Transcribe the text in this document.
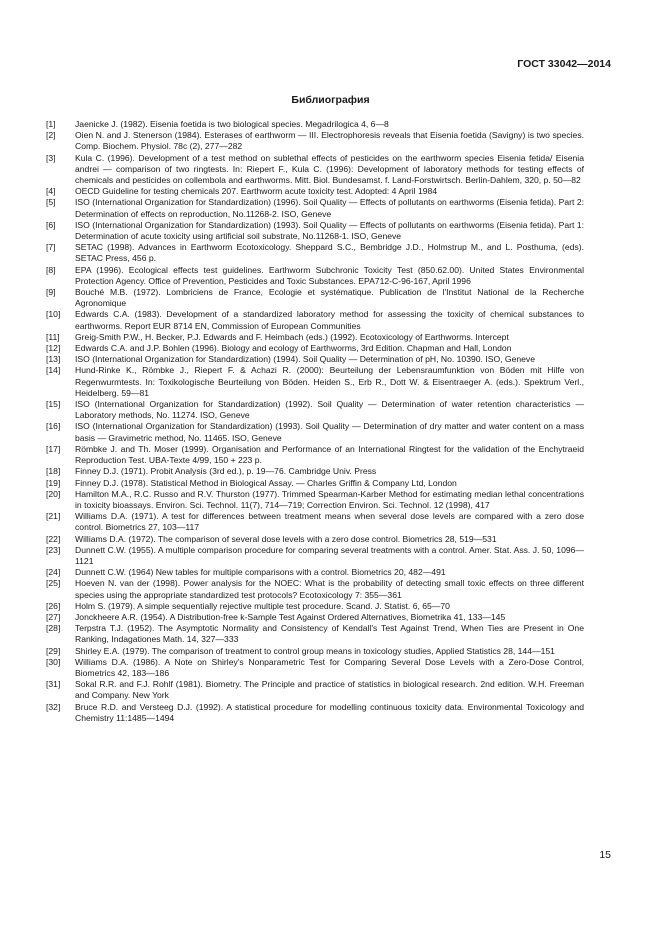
ГОСТ 33042—2014
Библиография
[1]	Jaenicke J. (1982). Eisenia foetida is two biological species. Megadrilogica 4, 6—8
[2]	Oien N. and J. Stenerson (1984). Esterases of earthworm — III. Electrophoresis reveals that Eisenia foetida (Savigny) is two species. Comp. Biochem. Physiol. 78c (2), 277—282
[3]	Kula C. (1996). Development of a test method on sublethal effects of pesticides on the earthworm species Eisenia fetida/ Eisenia andrei — comparison of two ringtests. In: Riepert F., Kula C. (1996): Development of laboratory methods for testing effects of chemicals and pesticides on collembola and earthworms. Mitt. Biol. Bundesamst. f. Land-Forstwirtsch. Berlin-Dahlem, 320, p. 50—82
[4]	OECD Guideline for testing chemicals 207. Earthworm acute toxicity test. Adopted: 4 April 1984
[5]	ISO (International Organization for Standardization) (1996). Soil Quality — Effects of pollutants on earthworms (Eisenia fetida). Part 2: Determination of effects on reproduction, No.11268-2. ISO, Geneve
[6]	ISO (International Organization for Standardization) (1993). Soil Quality — Effects of pollutants on earthworms (Eisenia fetida). Part 1: Determination of acute toxicity using artificial soil substrate, No.11268-1. ISO, Geneve
[7]	SETAC (1998). Advances in Earthworm Ecotoxicology. Sheppard S.C., Bembridge J.D., Holmstrup M., and L. Posthuma, (eds). SETAC Press, 456 p.
[8]	EPA (1996). Ecological effects test guidelines. Earthworm Subchronic Toxicity Test (850.62.00). United States Environmental Protection Agency. Office of Prevention, Pesticides and Toxic Substances. EPA712-C-96-167, April 1996
[9]	Bouché M.B. (1972). Lombriciens de France, Ecologie et systématique. Publication de l'Institut National de la Recherche Agronomique
[10]	Edwards C.A. (1983). Development of a standardized laboratory method for assessing the toxicity of chemical substances to earthworms. Report EUR 8714 EN, Commission of European Communities
[11]	Greig-Smith P.W., H. Becker, P.J. Edwards and F. Heimbach (eds.) (1992). Ecotoxicology of Earthworms. Intercept
[12]	Edwards C.A. and J.P. Bohlen (1996). Biology and ecology of Earthworms, 3rd Edition. Chapman and Hall, London
[13]	ISO (International Organization for Standardization) (1994). Soil Quality — Determination of pH, No. 10390. ISO, Geneve
[14]	Hund-Rinke K., Römbke J., Riepert F. & Achazi R. (2000): Beurteilung der Lebensraumfunktion von Böden mit Hilfe von Regenwurmtests. In: Toxikologische Beurteilung von Böden. Heiden S., Erb R., Dott W. & Eisentraeger A. (eds.). Spektrum Verl., Heidelberg. 59—81
[15]	ISO (International Organization for Standardization) (1992). Soil Quality — Determination of water retention characteristics — Laboratory methods, No. 11274. ISO, Geneve
[16]	ISO (International Organization for Standardization) (1993). Soil Quality — Determination of dry matter and water content on a mass basis — Gravimetric method, No. 11465. ISO, Geneve
[17]	Römbke J. and Th. Moser (1999). Organisation and Performance of an International Ringtest for the validation of the Enchytraeid Reproduction Test. UBA-Texte 4/99, 150 + 223 p.
[18]	Finney D.J. (1971). Probit Analysis (3rd ed.), p. 19—76. Cambridge Univ. Press
[19]	Finney D.J. (1978). Statistical Method in Biological Assay. — Charles Griffin & Company Ltd, London
[20]	Hamilton M.A., R.C. Russo and R.V. Thurston (1977). Trimmed Spearman-Karber Method for estimating median lethal concentrations in toxicity bioassays. Environ. Sci. Technol. 11(7), 714—719; Correction Environ. Sci. Technol. 12 (1998), 417
[21]	Williams D.A. (1971). A test for differences between treatment means when several dose levels are compared with a zero dose control. Biometrics 27, 103—117
[22]	Williams D.A. (1972). The comparison of several dose levels with a zero dose control. Biometrics 28, 519—531
[23]	Dunnett C.W. (1955). A multiple comparison procedure for comparing several treatments with a control. Amer. Stat. Ass. J. 50, 1096—1121
[24]	Dunnett C.W. (1964) New tables for multiple comparisons with a control. Biometrics 20, 482—491
[25]	Hoeven N. van der (1998). Power analysis for the NOEC: What is the probability of detecting small toxic effects on three different species using the appropriate standardized test protocols? Ecotoxicology 7: 355—361
[26]	Holm S. (1979). A simple sequentially rejective multiple test procedure. Scand. J. Statist. 6, 65—70
[27]	Jonckheere A.R. (1954). A Distribution-free k-Sample Test Against Ordered Alternatives, Biometrika 41, 133—145
[28]	Terpstra T.J. (1952). The Asymptotic Normality and Consistency of Kendall's Test Against Trend, When Ties are Present in One Ranking, Indagationes Math. 14, 327—333
[29]	Shirley E.A. (1979). The comparison of treatment to control group means in toxicology studies, Applied Statistics 28, 144—151
[30]	Williams D.A. (1986). A Note on Shirley's Nonparametric Test for Comparing Several Dose Levels with a Zero-Dose Control, Biometrics 42, 183—186
[31]	Sokal R.R. and F.J. Rohlf (1981). Biometry. The Principle and practice of statistics in biological research. 2nd edition. W.H. Freeman and Company. New York
[32]	Bruce R.D. and Versteeg D.J. (1992). A statistical procedure for modelling continuous toxicity data. Environmental Toxicology and Chemistry 11:1485—1494
15
